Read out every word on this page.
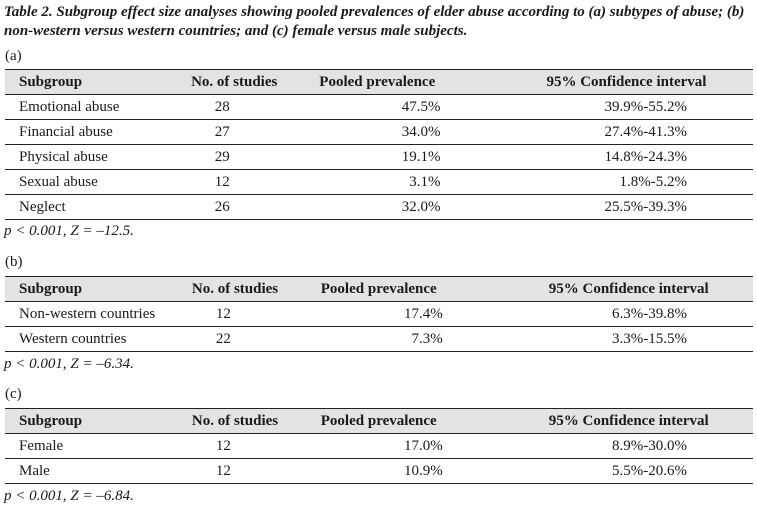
Table 2. Subgroup effect size analyses showing pooled prevalences of elder abuse according to (a) subtypes of abuse; (b) non-western versus western countries; and (c) female versus male subjects.
(a)
Subgroup	No. of studies	Pooled prevalence	95% Confidence interval
Emotional abuse	28	47.5%	39.9%-55.2%
Financial abuse	27	34.0%	27.4%-41.3%
Physical abuse	29	19.1%	14.8%-24.3%
Sexual abuse	12	3.1%	1.8%-5.2%
Neglect	26	32.0%	25.5%-39.3%
p < 0.001, Z = –12.5.
(b)
Subgroup	No. of studies	Pooled prevalence	95% Confidence interval
Non-western countries	12	17.4%	6.3%-39.8%
Western countries	22	7.3%	3.3%-15.5%
p < 0.001, Z = –6.34.
(c)
Subgroup	No. of studies	Pooled prevalence	95% Confidence interval
Female	12	17.0%	8.9%-30.0%
Male	12	10.9%	5.5%-20.6%
p < 0.001, Z = –6.84.
